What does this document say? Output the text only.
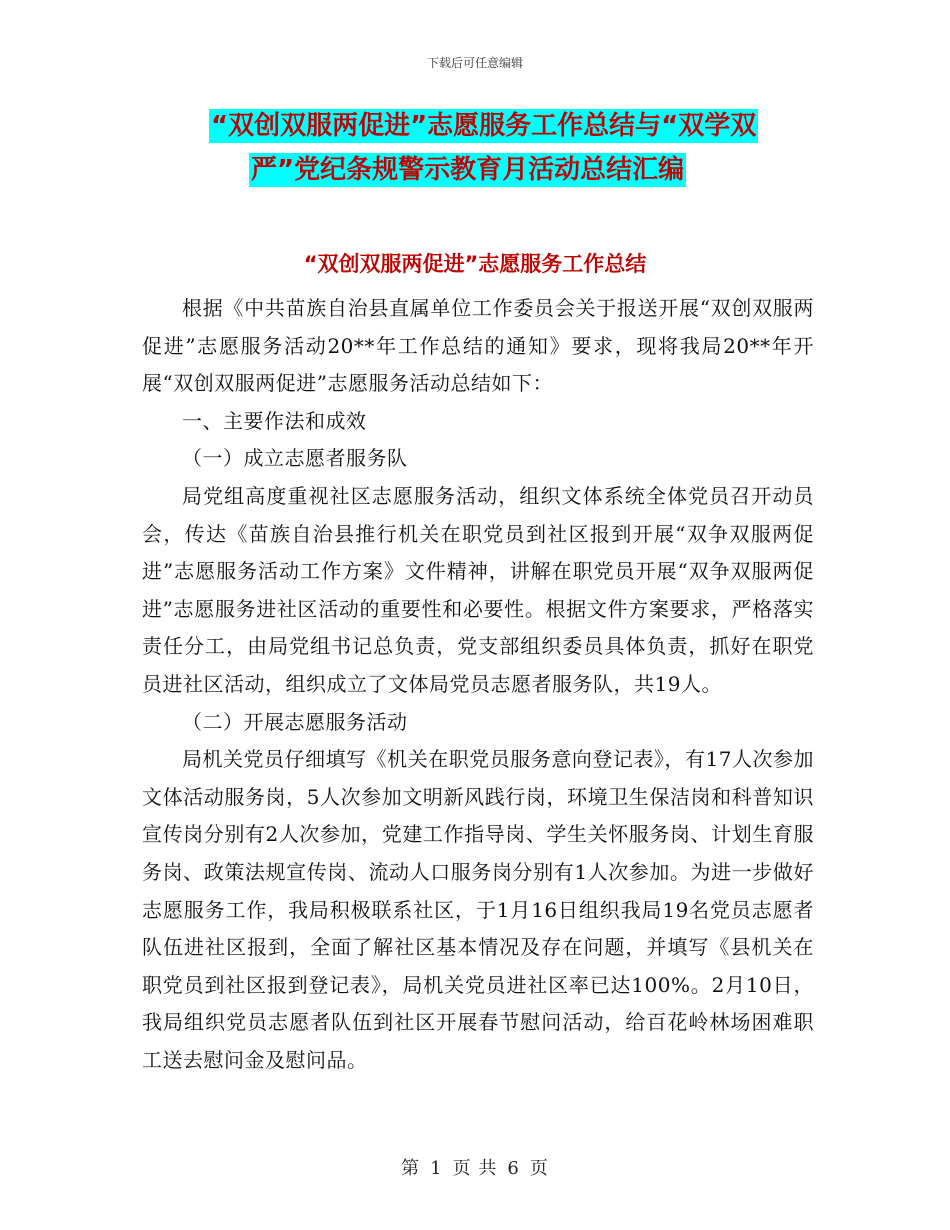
下载后可任意编辑
“双创双服两促进”志愿服务工作总结与“双学双
严”党纪条规警示教育月活动总结汇编
“双创双服两促进”志愿服务工作总结

根据《中共苗族自治县直属单位工作委员会关于报送开展“双创双服两促进”志愿服务活动20**年工作总结的通知》要求，现将我局20**年开展“双创双服两促进”志愿服务活动总结如下：

一、主要作法和成效

（一）成立志愿者服务队

局党组高度重视社区志愿服务活动，组织文体系统全体党员召开动员会，传达《苗族自治县推行机关在职党员到社区报到开展“双争双服两促进”志愿服务活动工作方案》文件精神，讲解在职党员开展“双争双服两促进”志愿服务进社区活动的重要性和必要性。根据文件方案要求，严格落实责任分工，由局党组书记总负责，党支部组织委员具体负责，抓好在职党员进社区活动，组织成立了文体局党员志愿者服务队，共19人。

（二）开展志愿服务活动

局机关党员仔细填写《机关在职党员服务意向登记表》，有17人次参加文体活动服务岗，5人次参加文明新风践行岗，环境卫生保洁岗和科普知识宣传岗分别有2人次参加，党建工作指导岗、学生关怀服务岗、计划生育服务岗、政策法规宣传岗、流动人口服务岗分别有1人次参加。为进一步做好志愿服务工作，我局积极联系社区，于1月16日组织我局19名党员志愿者队伍进社区报到，全面了解社区基本情况及存在问题，并填写《县机关在职党员到社区报到登记表》，局机关党员进社区率已达100%。2月10日，我局组织党员志愿者队伍到社区开展春节慰问活动，给百花岭林场困难职工送去慰问金及慰问品。

第 1 页 共 6 页
